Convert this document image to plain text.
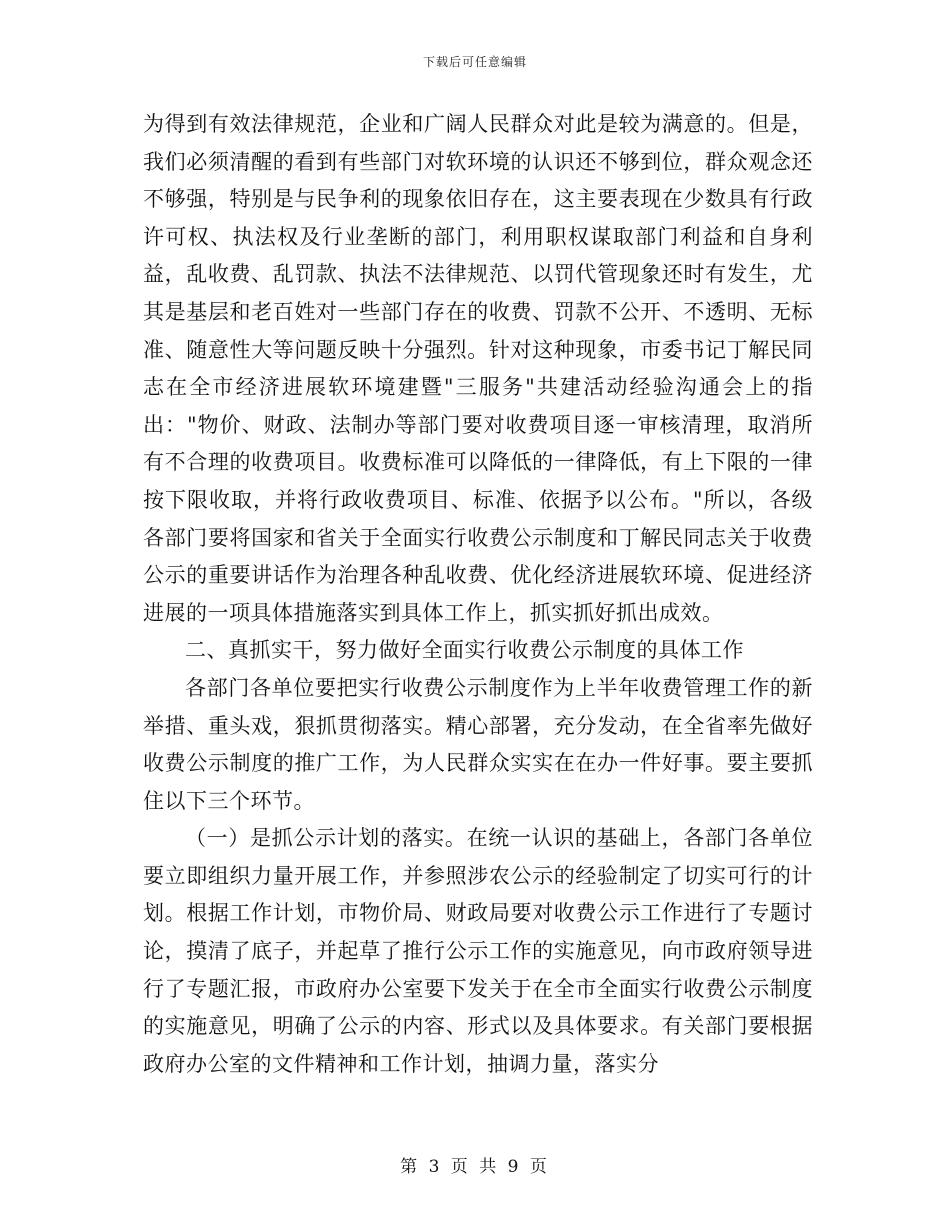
下载后可任意编辑

为得到有效法律规范，企业和广阔人民群众对此是较为满意的。但是，我们必须清醒的看到有些部门对软环境的认识还不够到位，群众观念还不够强，特别是与民争利的现象依旧存在，这主要表现在少数具有行政许可权、执法权及行业垄断的部门，利用职权谋取部门利益和自身利益，乱收费、乱罚款、执法不法律规范、以罚代管现象还时有发生，尤其是基层和老百姓对一些部门存在的收费、罚款不公开、不透明、无标准、随意性大等问题反映十分强烈。针对这种现象，市委书记丁解民同志在全市经济进展软环境建暨"三服务"共建活动经验沟通会上的指出："物价、财政、法制办等部门要对收费项目逐一审核清理，取消所有不合理的收费项目。收费标准可以降低的一律降低，有上下限的一律按下限收取，并将行政收费项目、标准、依据予以公布。"所以，各级各部门要将国家和省关于全面实行收费公示制度和丁解民同志关于收费公示的重要讲话作为治理各种乱收费、优化经济进展软环境、促进经济进展的一项具体措施落实到具体工作上，抓实抓好抓出成效。

二、真抓实干，努力做好全面实行收费公示制度的具体工作

各部门各单位要把实行收费公示制度作为上半年收费管理工作的新举措、重头戏，狠抓贯彻落实。精心部署，充分发动，在全省率先做好收费公示制度的推广工作，为人民群众实实在在办一件好事。要主要抓住以下三个环节。

（一）是抓公示计划的落实。在统一认识的基础上，各部门各单位要立即组织力量开展工作，并参照涉农公示的经验制定了切实可行的计划。根据工作计划，市物价局、财政局要对收费公示工作进行了专题讨论，摸清了底子，并起草了推行公示工作的实施意见，向市政府领导进行了专题汇报，市政府办公室要下发关于在全市全面实行收费公示制度的实施意见，明确了公示的内容、形式以及具体要求。有关部门要根据政府办公室的文件精神和工作计划，抽调力量，落实分

第 3 页 共 9 页
